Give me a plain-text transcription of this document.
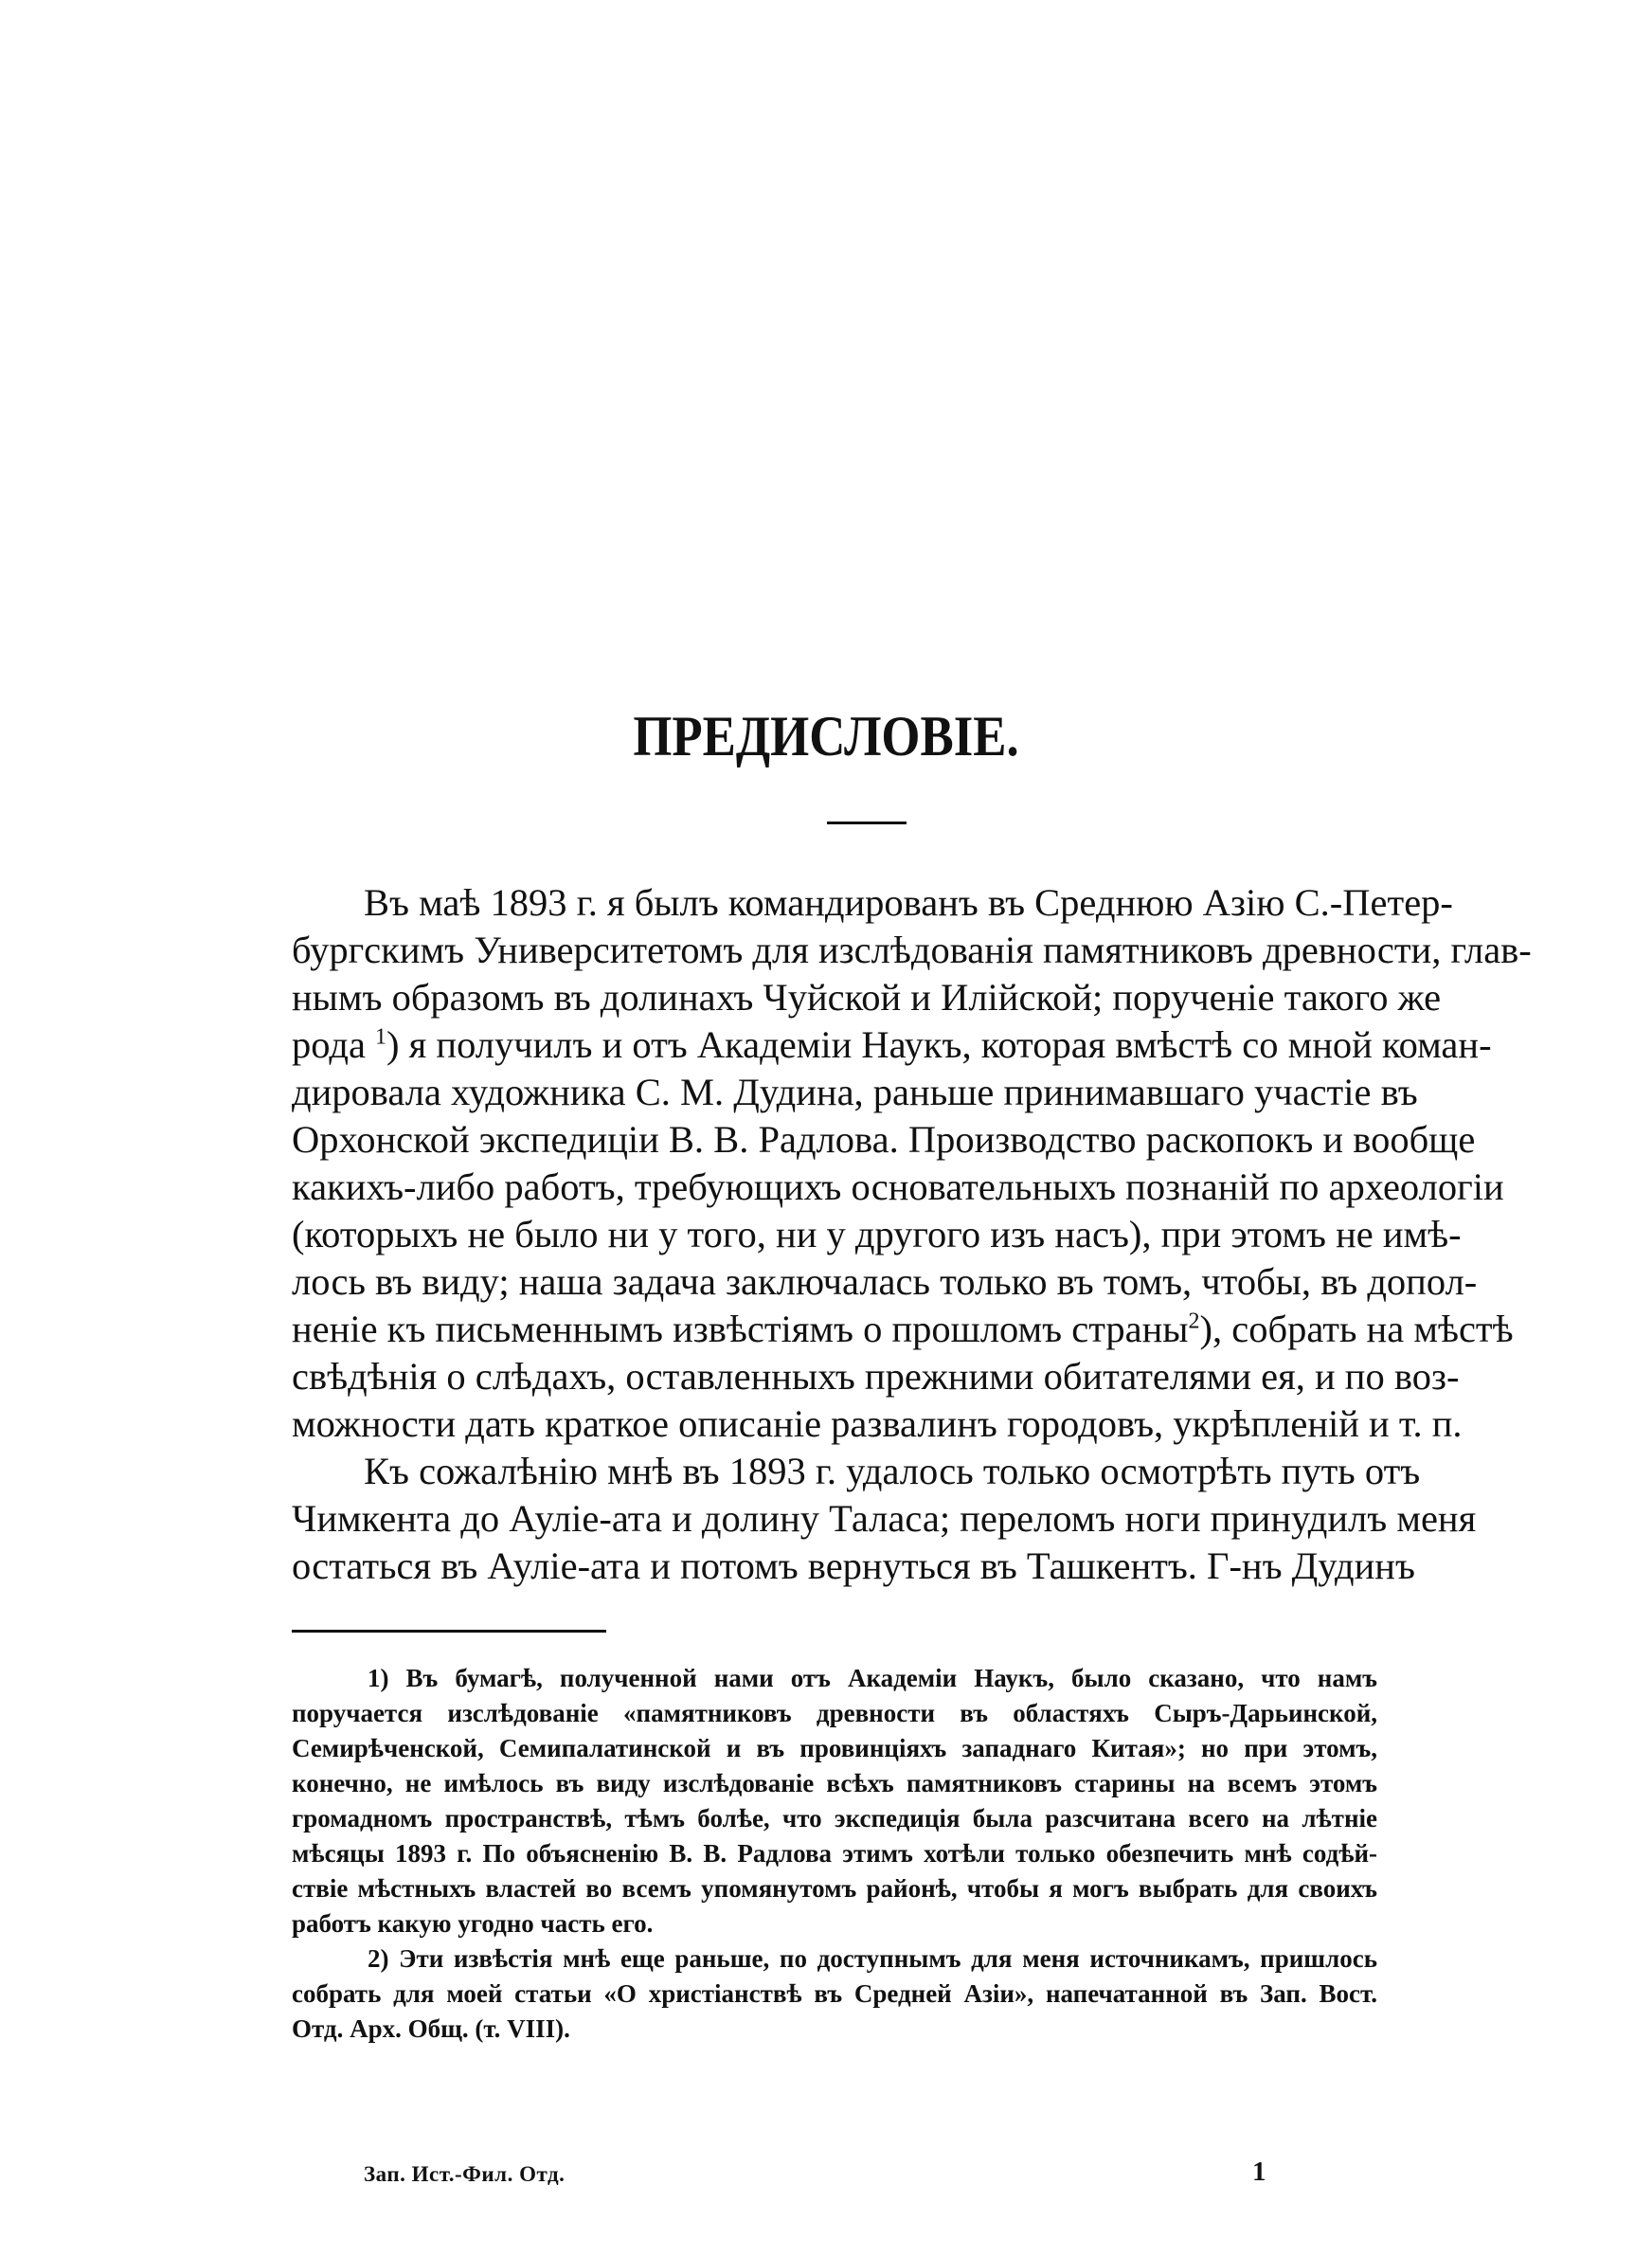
ПРЕДИСЛОВІЕ.
Въ маѣ 1893 г. я былъ командированъ въ Среднюю Азію С.-Петер-
бургскимъ Университетомъ для изслѣдованія памятниковъ древности, глав-
нымъ образомъ въ долинахъ Чуйской и Илійской; порученіе такого же
рода $^1$) я получилъ и отъ Академіи Наукъ, которая вмѣстѣ со мной коман-
дировала художника С. М. Дудина, раньше принимавшаго участіе въ
Орхонской экспедиціи В. В. Радлова. Производство раскопокъ и вообще
какихъ-либо работъ, требующихъ основательныхъ познаній по археологіи
(которыхъ не было ни у того, ни у другого изъ насъ), при этомъ не имѣ-
лось въ виду; наша задача заключалась только въ томъ, чтобы, въ допол-
неніе къ письменнымъ извѣстіямъ о прошломъ страны$^2$), собрать на мѣстѣ
свѣдѣнія о слѣдахъ, оставленныхъ прежними обитателями ея, и по воз-
можности дать краткое описаніе развалинъ городовъ, укрѣпленій и т. п.
Къ сожалѣнію мнѣ въ 1893 г. удалось только осмотрѣть путь отъ
Чимкента до Ауліе-ата и долину Таласа; переломъ ноги принудилъ меня
остаться въ Ауліе-ата и потомъ вернуться въ Ташкентъ. Г-нъ Дудинъ
1) Въ бумагѣ, полученной нами отъ Академіи Наукъ, было сказано, что намъ
поручается изслѣдованіе «памятниковъ древности въ областяхъ Сыръ-Дарьинской,
Семирѣченской, Семипалатинской и въ провинціяхъ западнаго Китая»; но при этомъ,
конечно, не имѣлось въ виду изслѣдованіе всѣхъ памятниковъ старины на всемъ этомъ
громадномъ пространствѣ, тѣмъ болѣе, что экспедиція была разсчитана всего на лѣтніе
мѣсяцы 1893 г. По объясненію В. В. Радлова этимъ хотѣли только обезпечить мнѣ содѣй-
ствіе мѣстныхъ властей во всемъ упомянутомъ районѣ, чтобы я могъ выбрать для своихъ
работъ какую угодно часть его.
2) Эти извѣстія мнѣ еще раньше, по доступнымъ для меня источникамъ, пришлось
собрать для моей статьи «О христіанствѣ въ Средней Азіи», напечатанной въ Зап. Вост.
Отд. Арх. Общ. (т. VIII).
Зап. Ист.-Фил. Отд.	1
